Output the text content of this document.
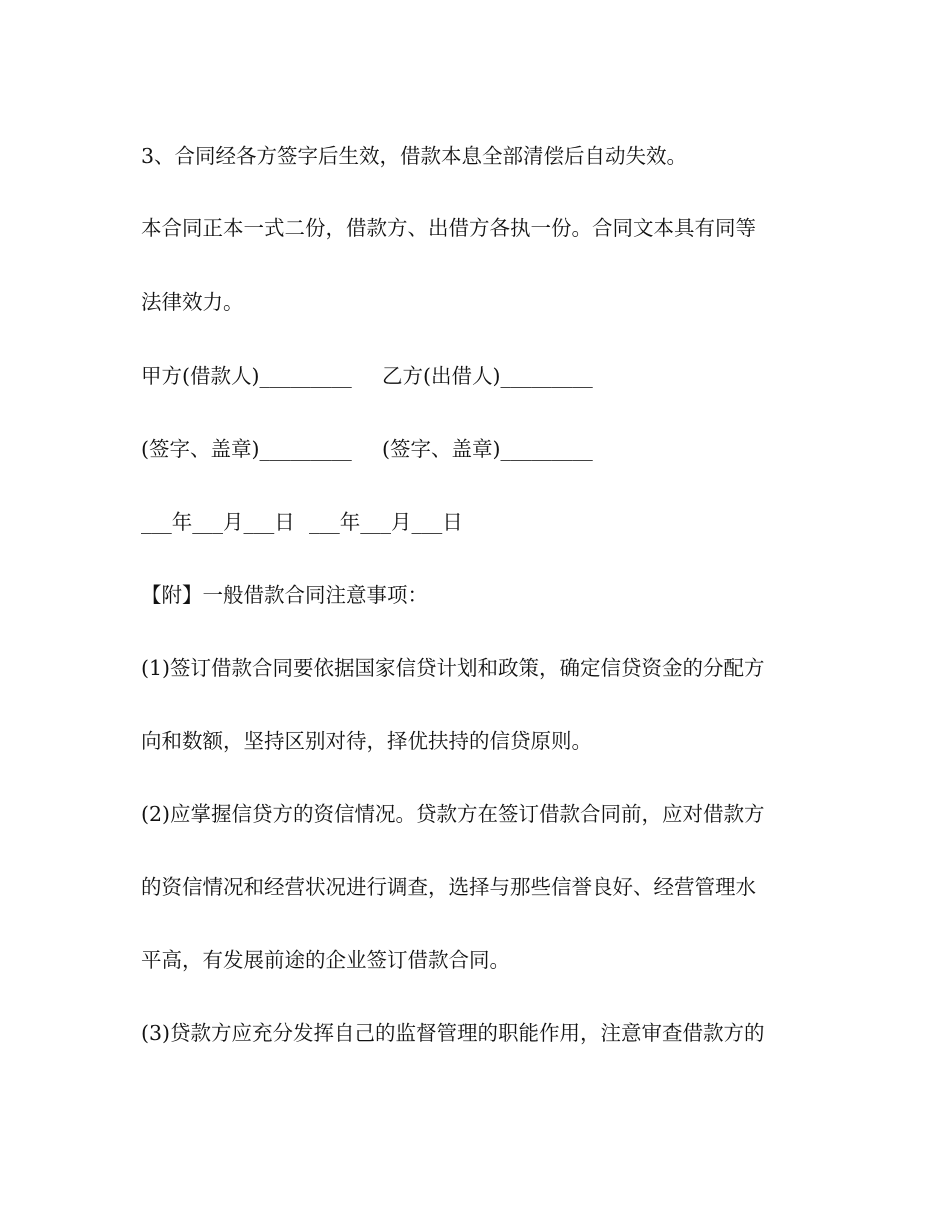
3、合同经各方签字后生效，借款本息全部清偿后自动失效。
本合同正本一式二份，借款方、出借方各执一份。合同文本具有同等
法律效力。
甲方(借款人)_________	乙方(出借人)_________
(签字、盖章)_________	(签字、盖章)_________
___年___月___日 ___年___月___日
【附】一般借款合同注意事项：
(1)签订借款合同要依据国家信贷计划和政策，确定信贷资金的分配方
向和数额，坚持区别对待，择优扶持的信贷原则。
(2)应掌握信贷方的资信情况。贷款方在签订借款合同前，应对借款方
的资信情况和经营状况进行调查，选择与那些信誉良好、经营管理水
平高，有发展前途的企业签订借款合同。
(3)贷款方应充分发挥自己的监督管理的职能作用，注意审查借款方的
